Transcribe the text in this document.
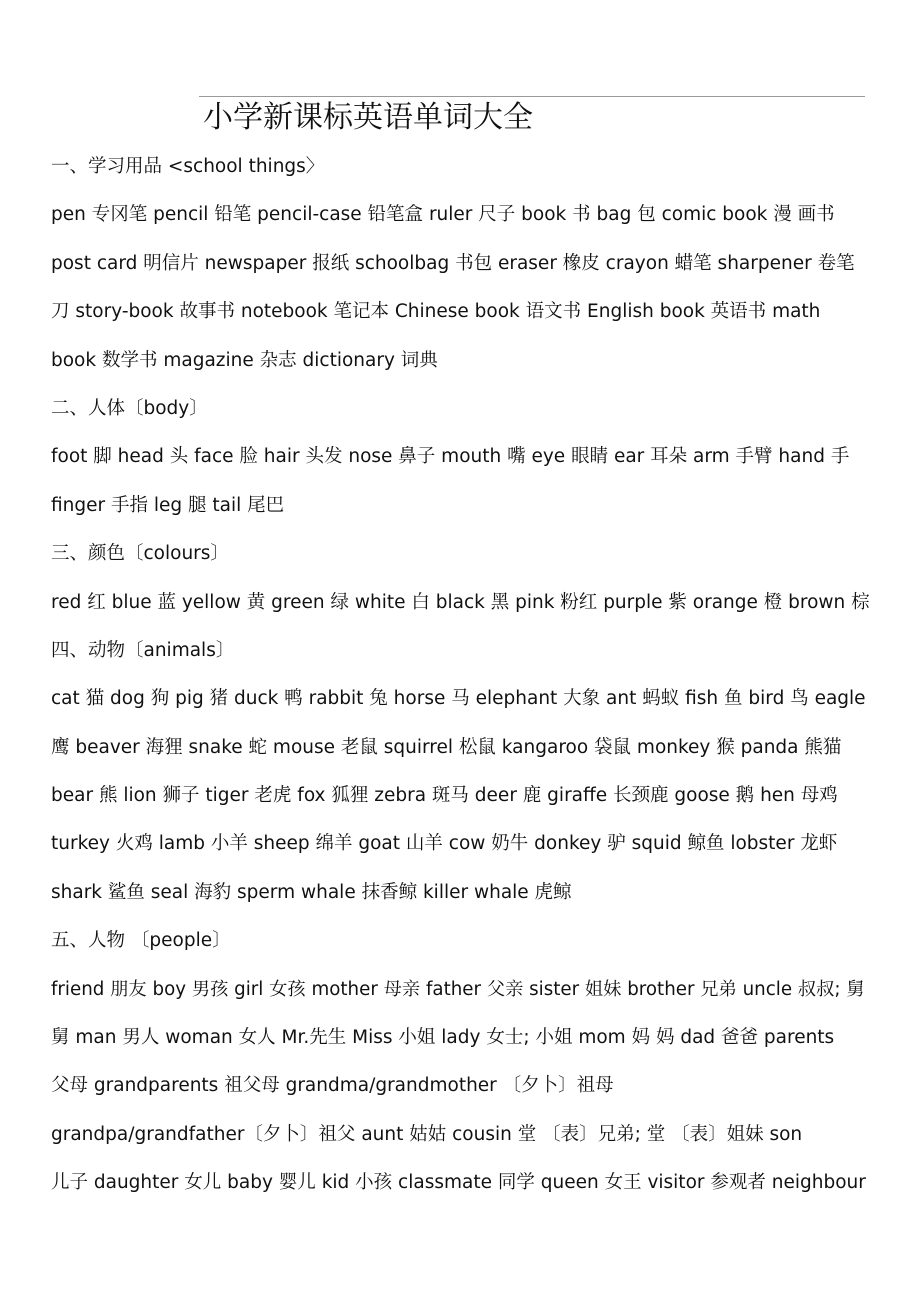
小学新课标英语单词大全
一、学习用品 <school things〉
pen 专冈笔 pencil 铅笔 pencil-case 铅笔盒 ruler 尺子 book 书 bag 包 comic book 漫 画书
post card 明信片 newspaper 报纸 schoolbag 书包 eraser 橡皮 crayon 蜡笔 sharpener 卷笔
刀 story-book 故事书 notebook 笔记本 Chinese book 语文书 English book 英语书 math
book 数学书 magazine 杂志 dictionary 词典
二、人体〔body〕
foot 脚 head 头 face 脸 hair 头发 nose 鼻子 mouth 嘴 eye 眼睛 ear 耳朵 arm 手臂 hand 手
finger 手指 leg 腿 tail 尾巴
三、颜色〔colours〕
red 红 blue 蓝 yellow 黄 green 绿 white 白 black 黑 pink 粉红 purple 紫 orange 橙 brown 棕
四、动物〔animals〕
cat 猫 dog 狗 pig 猪 duck 鸭 rabbit 兔 horse 马 elephant 大象 ant 蚂蚁 fish 鱼 bird 鸟 eagle
鹰 beaver 海狸 snake 蛇 mouse 老鼠 squirrel 松鼠 kangaroo 袋鼠 monkey 猴 panda 熊猫
bear 熊 lion 狮子 tiger 老虎 fox 狐狸 zebra 斑马 deer 鹿 giraffe 长颈鹿 goose 鹅 hen 母鸡
turkey 火鸡 lamb 小羊 sheep 绵羊 goat 山羊 cow 奶牛 donkey 驴 squid 鲸鱼 lobster 龙虾
shark 鲨鱼 seal 海豹 sperm whale 抹香鲸 killer whale 虎鲸
五、人物 〔people〕
friend 朋友 boy 男孩 girl 女孩 mother 母亲 father 父亲 sister 姐妹 brother 兄弟 uncle 叔叔; 舅
舅 man 男人 woman 女人 Mr.先生 Miss 小姐 lady 女士; 小姐 mom 妈 妈 dad 爸爸 parents
父母 grandparents 祖父母 grandma/grandmother 〔夕卜〕祖母
grandpa/grandfather〔夕卜〕祖父 aunt 姑姑 cousin 堂 〔表〕兄弟; 堂 〔表〕姐妹 son
儿子 daughter 女儿 baby 婴儿 kid 小孩 classmate 同学 queen 女王 visitor 参观者 neighbour
